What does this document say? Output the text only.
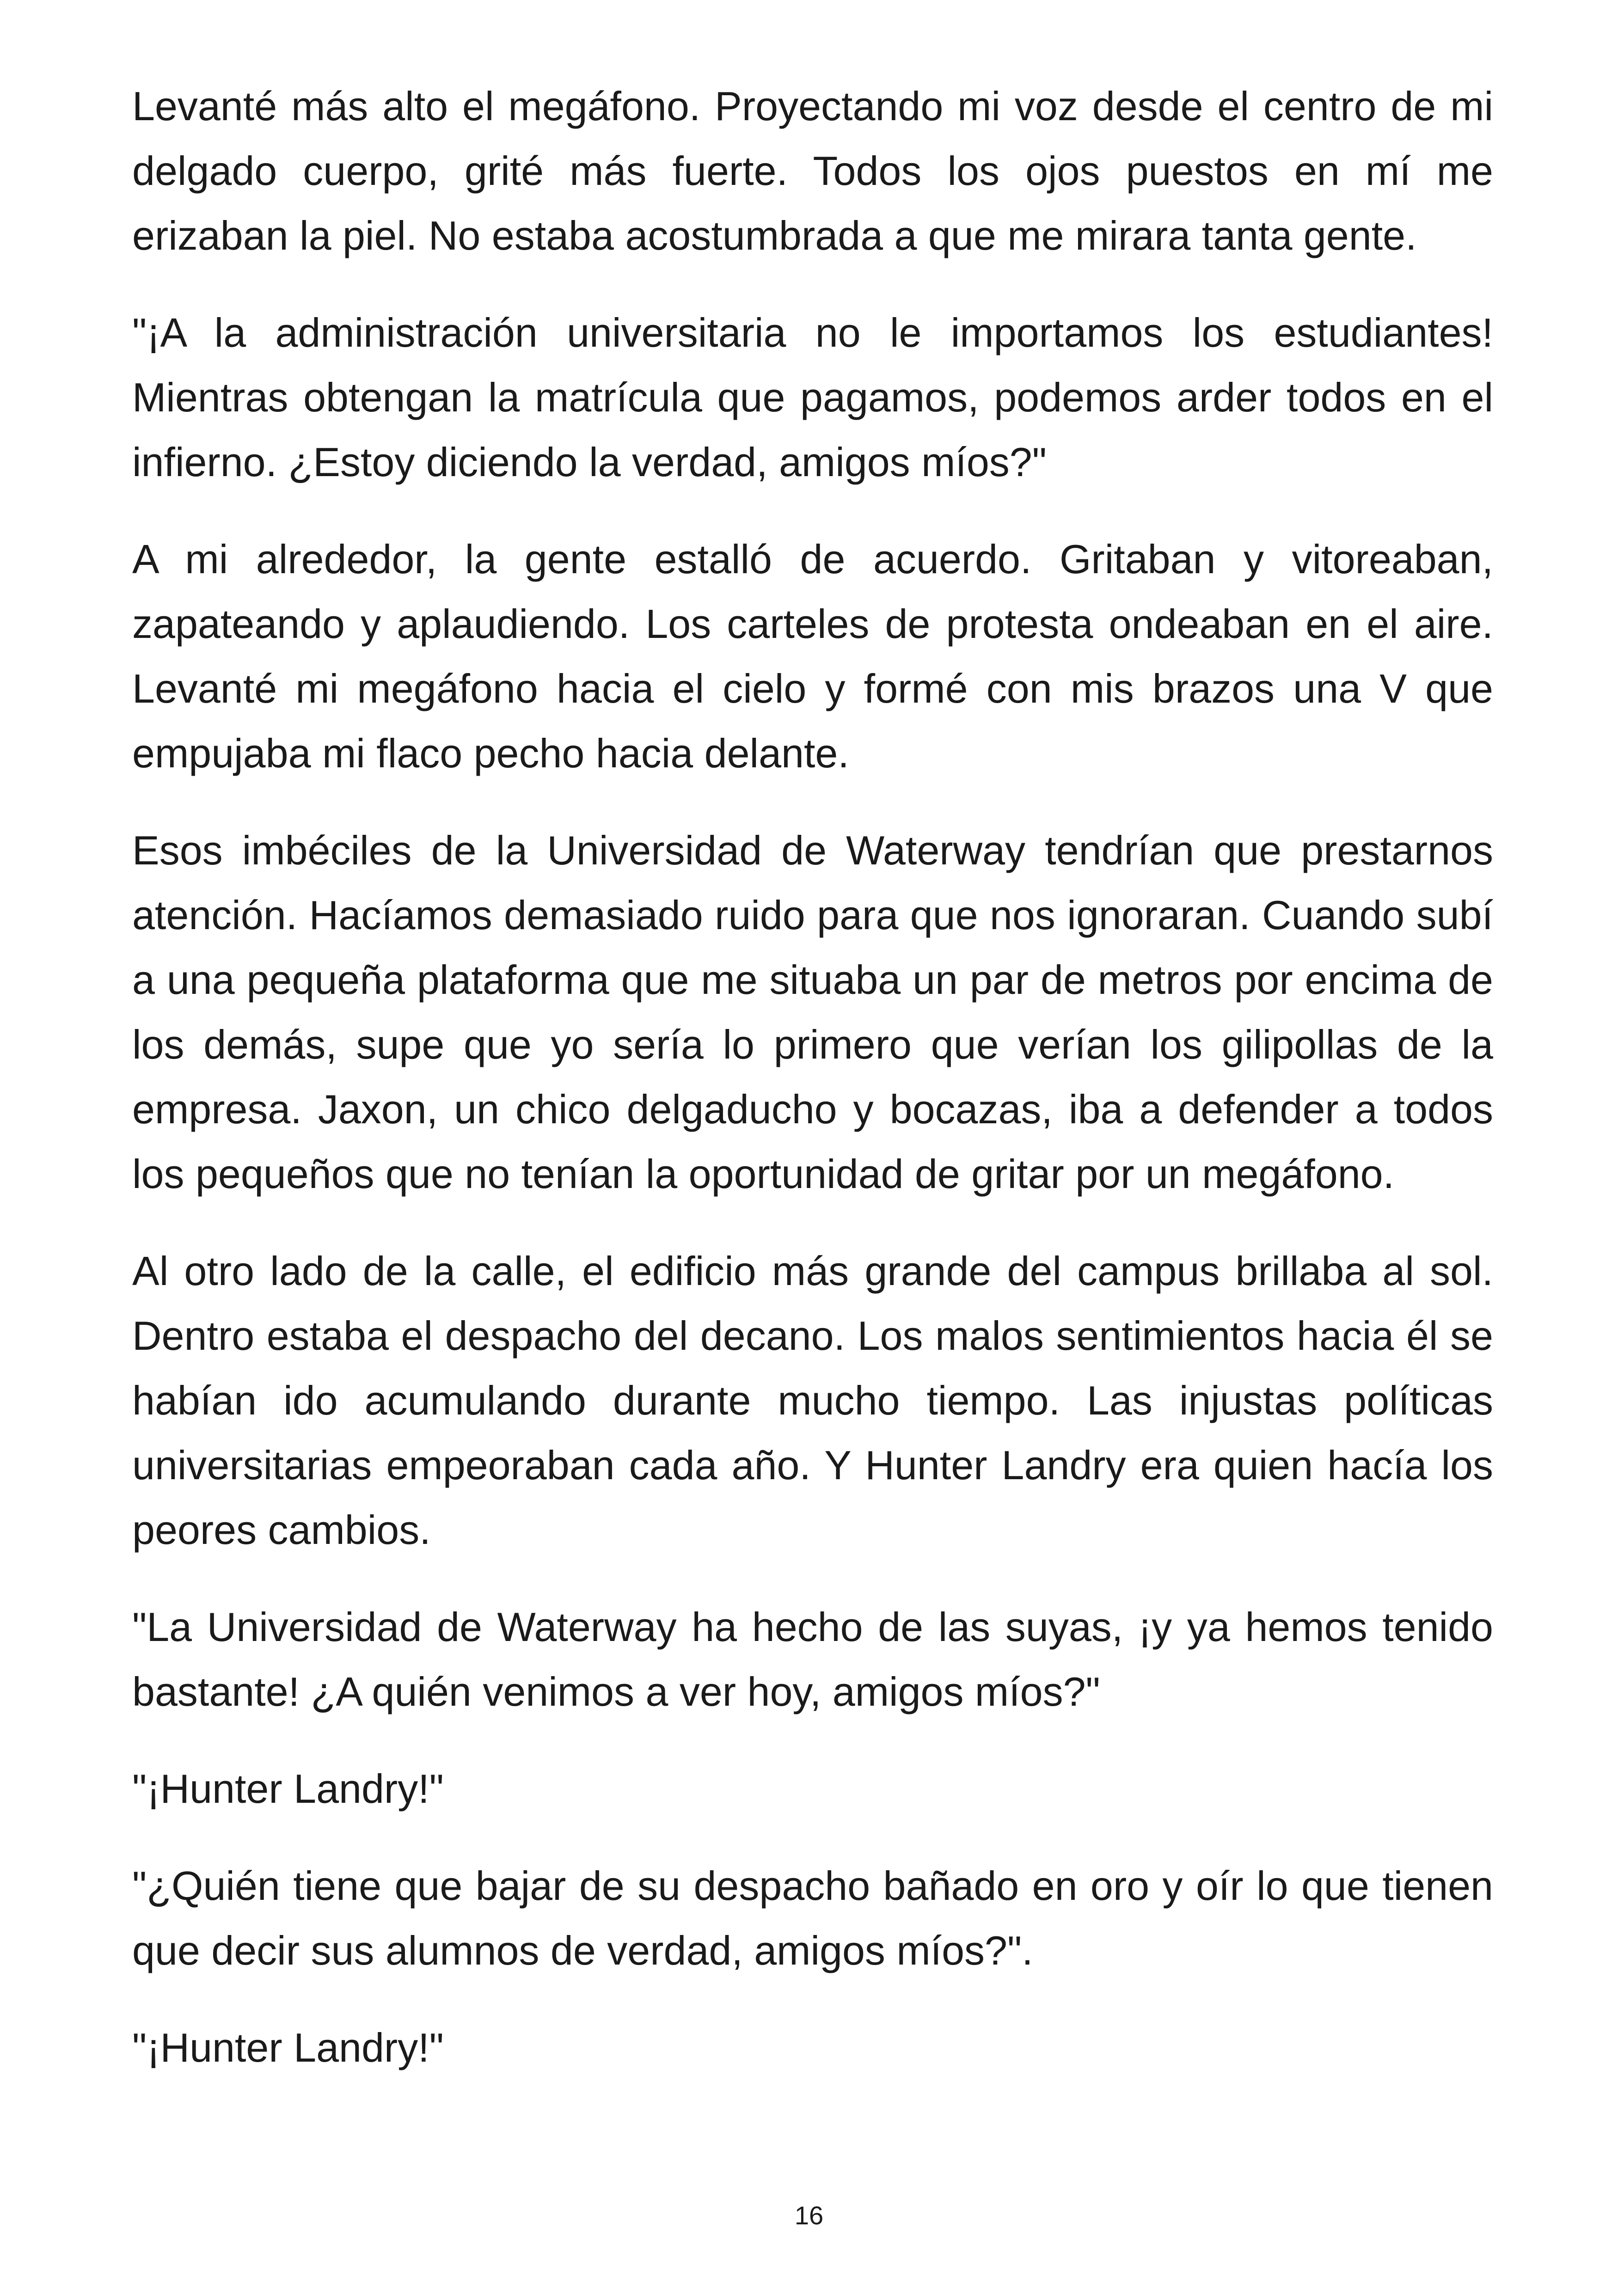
Levanté más alto el megáfono. Proyectando mi voz desde el centro de mi delgado cuerpo, grité más fuerte. Todos los ojos puestos en mí me erizaban la piel. No estaba acostumbrada a que me mirara tanta gente.

"¡A la administración universitaria no le importamos los estudiantes! Mientras obtengan la matrícula que pagamos, podemos arder todos en el infierno. ¿Estoy diciendo la verdad, amigos míos?"

A mi alrededor, la gente estalló de acuerdo. Gritaban y vitoreaban, zapateando y aplaudiendo. Los carteles de protesta ondeaban en el aire. Levanté mi megáfono hacia el cielo y formé con mis brazos una V que empujaba mi flaco pecho hacia delante.

Esos imbéciles de la Universidad de Waterway tendrían que prestarnos atención. Hacíamos demasiado ruido para que nos ignoraran. Cuando subí a una pequeña plataforma que me situaba un par de metros por encima de los demás, supe que yo sería lo primero que verían los gilipollas de la empresa. Jaxon, un chico delgaducho y bocazas, iba a defender a todos los pequeños que no tenían la oportunidad de gritar por un megáfono.

Al otro lado de la calle, el edificio más grande del campus brillaba al sol. Dentro estaba el despacho del decano. Los malos sentimientos hacia él se habían ido acumulando durante mucho tiempo. Las injustas políticas universitarias empeoraban cada año. Y Hunter Landry era quien hacía los peores cambios.

"La Universidad de Waterway ha hecho de las suyas, ¡y ya hemos tenido bastante! ¿A quién venimos a ver hoy, amigos míos?"

"¡Hunter Landry!"

"¿Quién tiene que bajar de su despacho bañado en oro y oír lo que tienen que decir sus alumnos de verdad, amigos míos?".

"¡Hunter Landry!"

16
